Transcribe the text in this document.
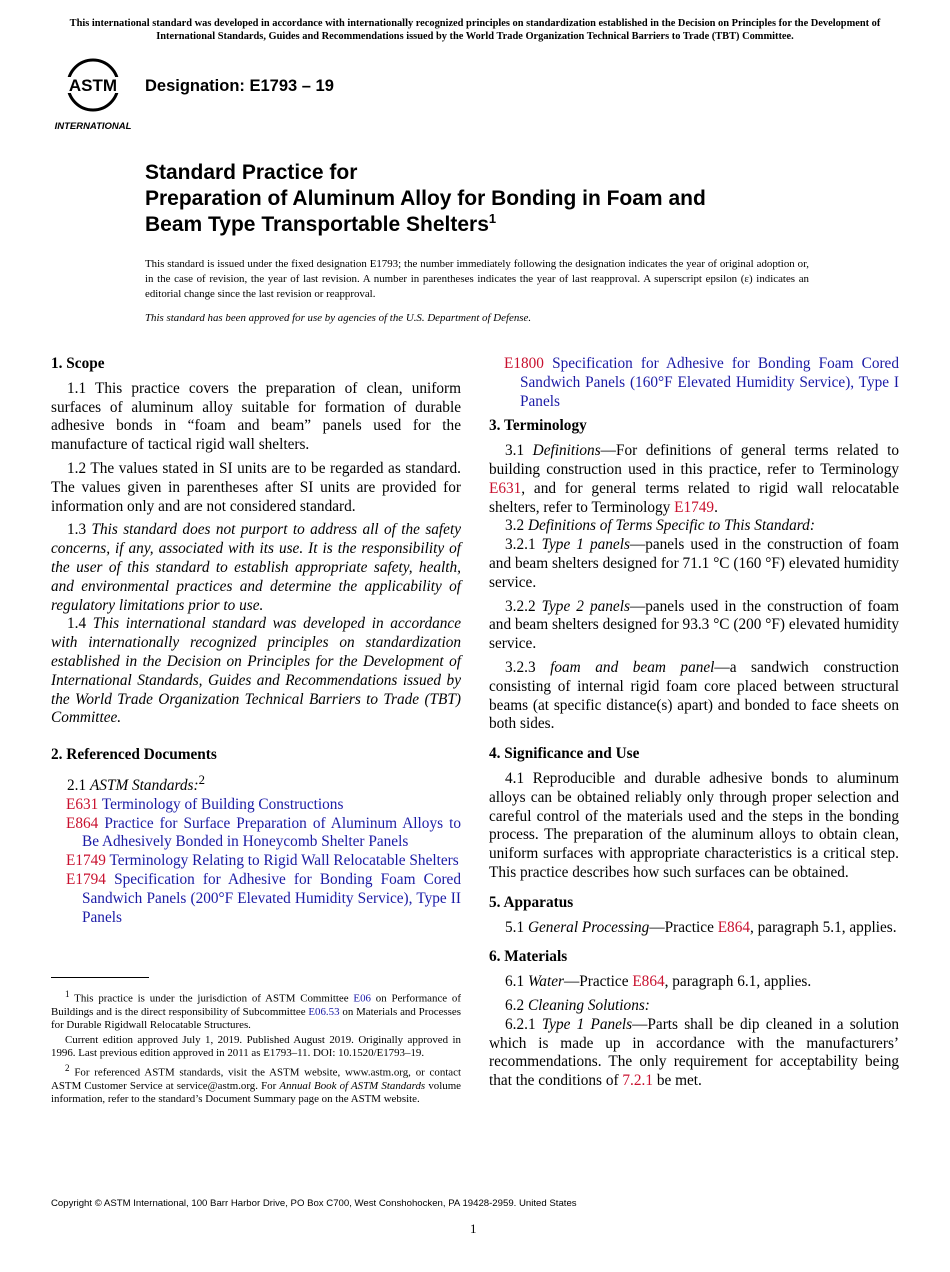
This international standard was developed in accordance with internationally recognized principles on standardization established in the Decision on Principles for the Development of International Standards, Guides and Recommendations issued by the World Trade Organization Technical Barriers to Trade (TBT) Committee.
ASTM
INTERNATIONAL
Designation: E1793 – 19
Standard Practice for
Preparation of Aluminum Alloy for Bonding in Foam and
Beam Type Transportable Shelters$^1$
This standard is issued under the fixed designation E1793; the number immediately following the designation indicates the year of original adoption or, in the case of revision, the year of last revision. A number in parentheses indicates the year of last reapproval. A superscript epsilon (ε) indicates an editorial change since the last revision or reapproval.
This standard has been approved for use by agencies of the U.S. Department of Defense.
1. Scope

1.1 This practice covers the preparation of clean, uniform surfaces of aluminum alloy suitable for formation of durable adhesive bonds in “foam and beam” panels used for the manufacture of tactical rigid wall shelters.

1.2 The values stated in SI units are to be regarded as standard. The values given in parentheses after SI units are provided for information only and are not considered standard.

1.3 This standard does not purport to address all of the safety concerns, if any, associated with its use. It is the responsibility of the user of this standard to establish appropriate safety, health, and environmental practices and determine the applicability of regulatory limitations prior to use.

1.4 This international standard was developed in accordance with internationally recognized principles on standardization established in the Decision on Principles for the Development of International Standards, Guides and Recommendations issued by the World Trade Organization Technical Barriers to Trade (TBT) Committee.

2. Referenced Documents

2.1 ASTM Standards:$^2$

E631 Terminology of Building Constructions
E864 Practice for Surface Preparation of Aluminum Alloys to Be Adhesively Bonded in Honeycomb Shelter Panels
E1749 Terminology Relating to Rigid Wall Relocatable Shelters
E1794 Specification for Adhesive for Bonding Foam Cored Sandwich Panels (200°F Elevated Humidity Service), Type II Panels
E1800 Specification for Adhesive for Bonding Foam Cored Sandwich Panels (160°F Elevated Humidity Service), Type I Panels
3. Terminology

3.1 Definitions—For definitions of general terms related to building construction used in this practice, refer to Terminology E631, and for general terms related to rigid wall relocatable shelters, refer to Terminology E1749.

3.2 Definitions of Terms Specific to This Standard:

3.2.1 Type 1 panels—panels used in the construction of foam and beam shelters designed for 71.1 °C (160 °F) elevated humidity service.

3.2.2 Type 2 panels—panels used in the construction of foam and beam shelters designed for 93.3 °C (200 °F) elevated humidity service.

3.2.3 foam and beam panel—a sandwich construction consisting of internal rigid foam core placed between structural beams (at specific distance(s) apart) and bonded to face sheets on both sides.

4. Significance and Use

4.1 Reproducible and durable adhesive bonds to aluminum alloys can be obtained reliably only through proper selection and careful control of the materials used and the steps in the bonding process. The preparation of the aluminum alloys to obtain clean, uniform surfaces with appropriate characteristics is a critical step. This practice describes how such surfaces can be obtained.

5. Apparatus

5.1 General Processing—Practice E864, paragraph 5.1, applies.

6. Materials

6.1 Water—Practice E864, paragraph 6.1, applies.

6.2 Cleaning Solutions:

6.2.1 Type 1 Panels—Parts shall be dip cleaned in a solution which is made up in accordance with the manufacturers’ recommendations. The only requirement for acceptability being that the conditions of 7.2.1 be met.

$^1$ This practice is under the jurisdiction of ASTM Committee E06 on Performance of Buildings and is the direct responsibility of Subcommittee E06.53 on Materials and Processes for Durable Rigidwall Relocatable Structures.

Current edition approved July 1, 2019. Published August 2019. Originally approved in 1996. Last previous edition approved in 2011 as E1793–11. DOI: 10.1520/E1793–19.

$^2$ For referenced ASTM standards, visit the ASTM website, www.astm.org, or contact ASTM Customer Service at service@astm.org. For Annual Book of ASTM Standards volume information, refer to the standard’s Document Summary page on the ASTM website.

Copyright © ASTM International, 100 Barr Harbor Drive, PO Box C700, West Conshohocken, PA 19428-2959. United States
1
